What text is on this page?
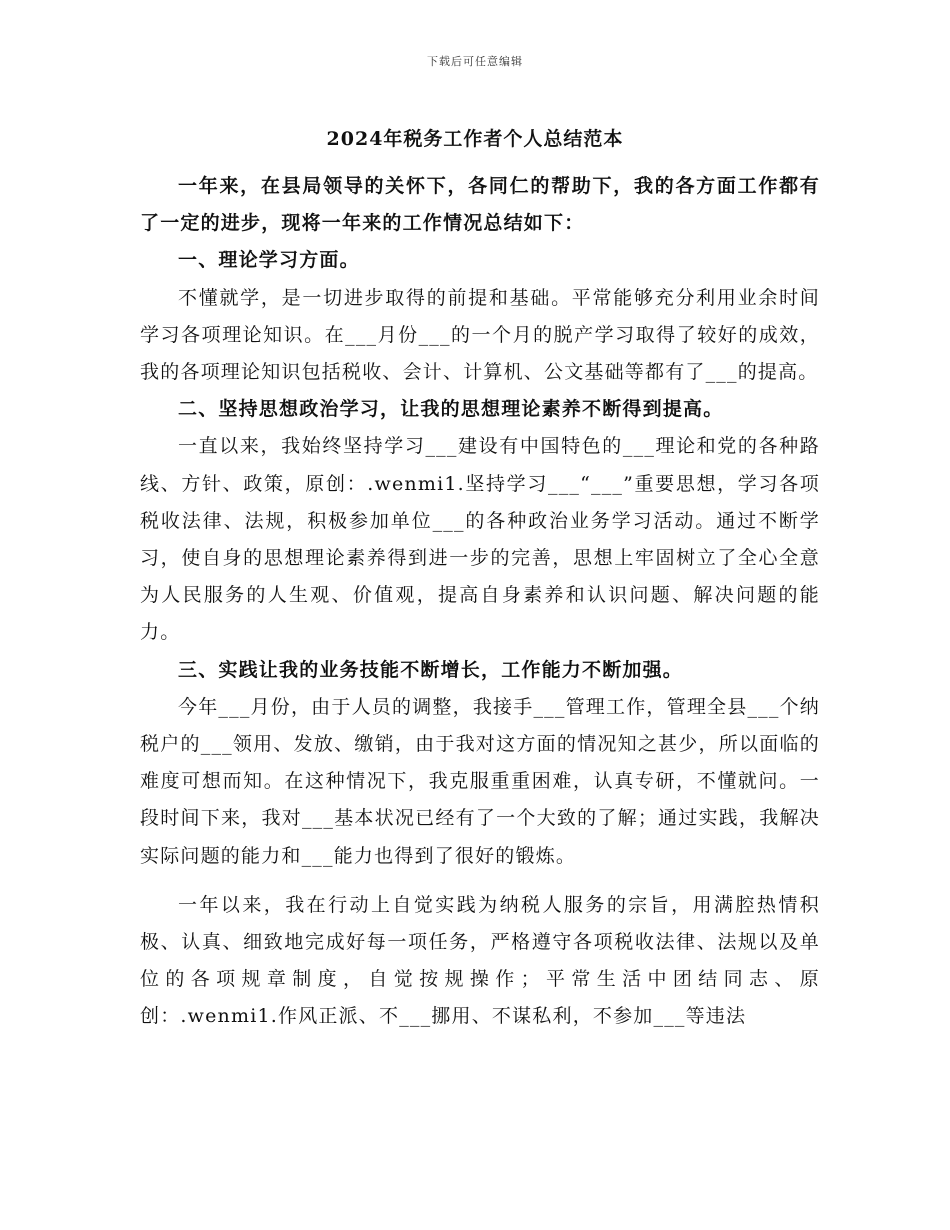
下载后可任意编辑
2024年税务工作者个人总结范本

一年来，在县局领导的关怀下，各同仁的帮助下，我的各方面工作都有了一定的进步，现将一年来的工作情况总结如下：

一、理论学习方面。

不懂就学，是一切进步取得的前提和基础。平常能够充分利用业余时间学习各项理论知识。在___月份___的一个月的脱产学习取得了较好的成效，我的各项理论知识包括税收、会计、计算机、公文基础等都有了___的提高。

二、坚持思想政治学习，让我的思想理论素养不断得到提高。

一直以来，我始终坚持学习___建设有中国特色的___理论和党的各种路线、方针、政策，原创：.wenmi1.坚持学习___“___”重要思想，学习各项税收法律、法规，积极参加单位___的各种政治业务学习活动。通过不断学习，使自身的思想理论素养得到进一步的完善，思想上牢固树立了全心全意为人民服务的人生观、价值观，提高自身素养和认识问题、解决问题的能力。

三、实践让我的业务技能不断增长，工作能力不断加强。

今年___月份，由于人员的调整，我接手___管理工作，管理全县___个纳税户的___领用、发放、缴销，由于我对这方面的情况知之甚少，所以面临的难度可想而知。在这种情况下，我克服重重困难，认真专研，不懂就问。一段时间下来，我对___基本状况已经有了一个大致的了解；通过实践，我解决实际问题的能力和___能力也得到了很好的锻炼。

一年以来，我在行动上自觉实践为纳税人服务的宗旨，用满腔热情积极、认真、细致地完成好每一项任务，严格遵守各项税收法律、法规以及单位的各项规章制度，自觉按规操作；平常生活中团结同志、原创：.wenmi1.作风正派、不___挪用、不谋私利，不参加___等违法
